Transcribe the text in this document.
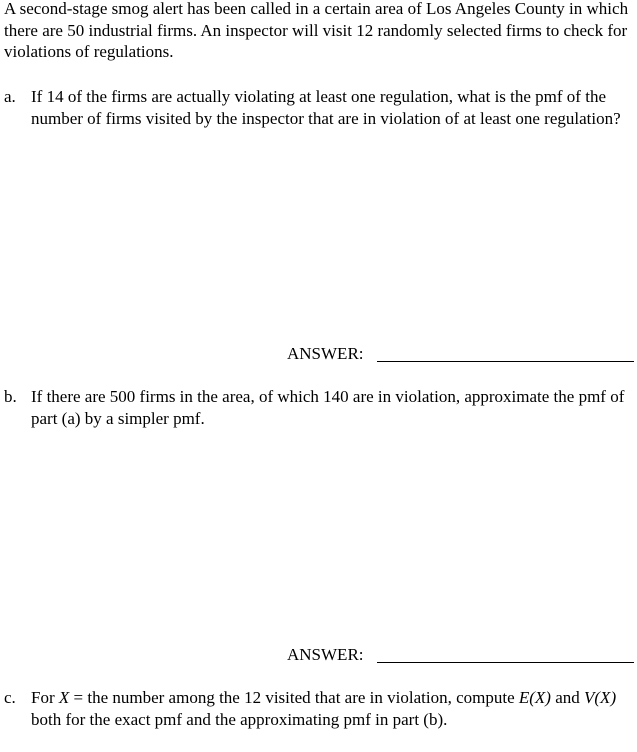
A second-stage smog alert has been called in a certain area of Los Angeles County in which there are 50 industrial firms. An inspector will visit 12 randomly selected firms to check for violations of regulations.

a. If 14 of the firms are actually violating at least one regulation, what is the pmf of the number of firms visited by the inspector that are in violation of at least one regulation?
ANSWER:
b. If there are 500 firms in the area, of which 140 are in violation, approximate the pmf of part (a) by a simpler pmf.
ANSWER:
c. For X = the number among the 12 visited that are in violation, compute E(X) and V(X) both for the exact pmf and the approximating pmf in part (b).
